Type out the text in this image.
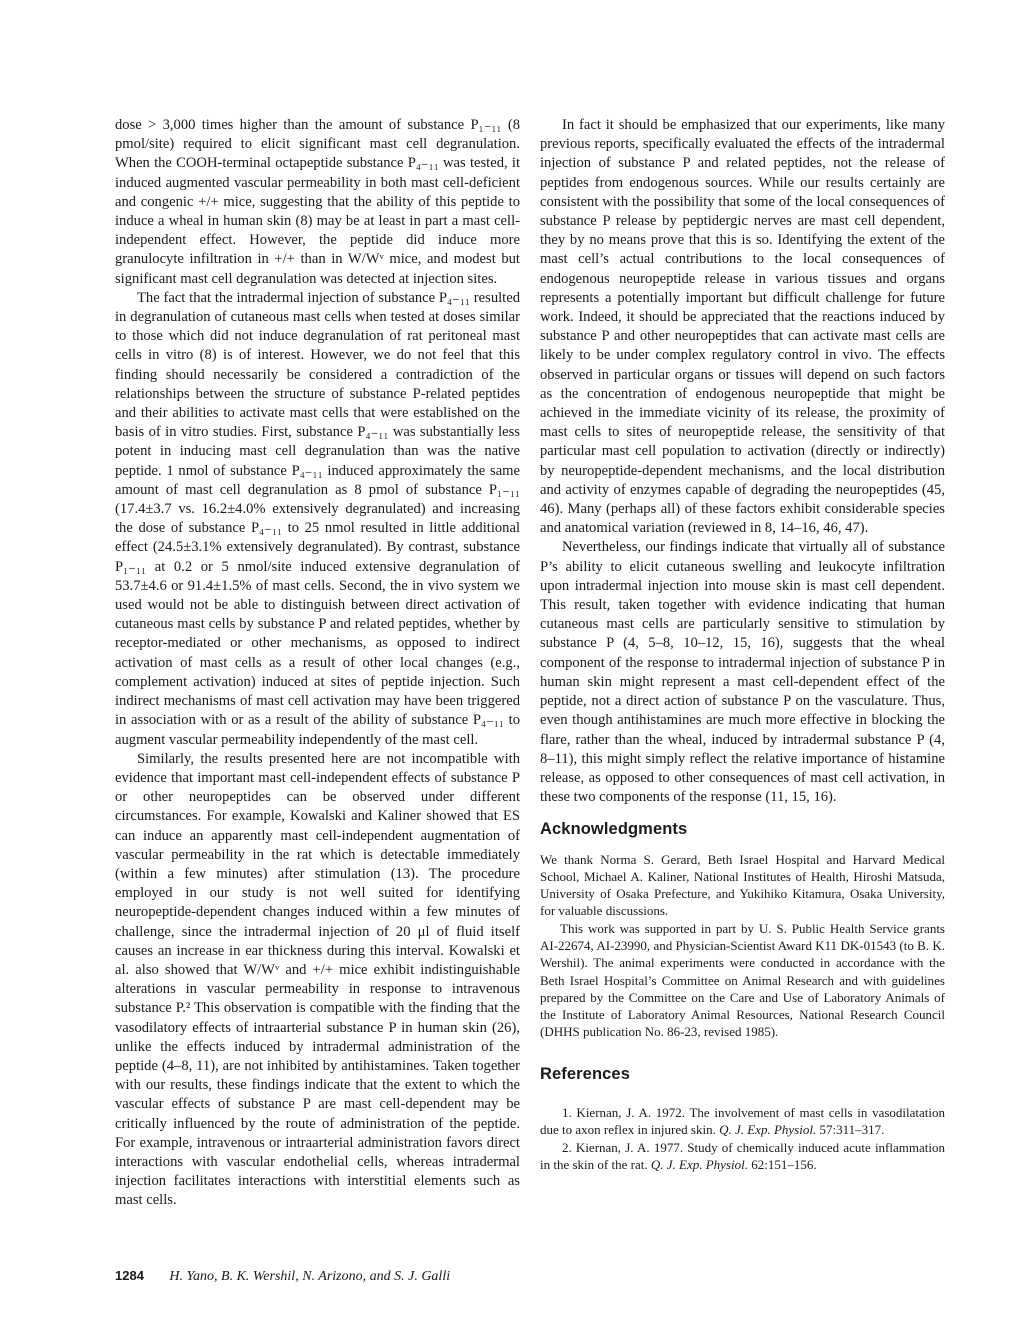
dose > 3,000 times higher than the amount of substance P₁₋₁₁ (8 pmol/site) required to elicit significant mast cell degranulation. When the COOH-terminal octapeptide substance P₄₋₁₁ was tested, it induced augmented vascular permeability in both mast cell-deficient and congenic +/+ mice, suggesting that the ability of this peptide to induce a wheal in human skin (8) may be at least in part a mast cell-independent effect. However, the peptide did induce more granulocyte infiltration in +/+ than in W/Wᵛ mice, and modest but significant mast cell degranulation was detected at injection sites.

The fact that the intradermal injection of substance P₄₋₁₁ resulted in degranulation of cutaneous mast cells when tested at doses similar to those which did not induce degranulation of rat peritoneal mast cells in vitro (8) is of interest. However, we do not feel that this finding should necessarily be considered a contradiction of the relationships between the structure of substance P-related peptides and their abilities to activate mast cells that were established on the basis of in vitro studies. First, substance P₄₋₁₁ was substantially less potent in inducing mast cell degranulation than was the native peptide. 1 nmol of substance P₄₋₁₁ induced approximately the same amount of mast cell degranulation as 8 pmol of substance P₁₋₁₁ (17.4±3.7 vs. 16.2±4.0% extensively degranulated) and increasing the dose of substance P₄₋₁₁ to 25 nmol resulted in little additional effect (24.5±3.1% extensively degranulated). By contrast, substance P₁₋₁₁ at 0.2 or 5 nmol/site induced extensive degranulation of 53.7±4.6 or 91.4±1.5% of mast cells. Second, the in vivo system we used would not be able to distinguish between direct activation of cutaneous mast cells by substance P and related peptides, whether by receptor-mediated or other mechanisms, as opposed to indirect activation of mast cells as a result of other local changes (e.g., complement activation) induced at sites of peptide injection. Such indirect mechanisms of mast cell activation may have been triggered in association with or as a result of the ability of substance P₄₋₁₁ to augment vascular permeability independently of the mast cell.

Similarly, the results presented here are not incompatible with evidence that important mast cell-independent effects of substance P or other neuropeptides can be observed under different circumstances. For example, Kowalski and Kaliner showed that ES can induce an apparently mast cell-independent augmentation of vascular permeability in the rat which is detectable immediately (within a few minutes) after stimulation (13). The procedure employed in our study is not well suited for identifying neuropeptide-dependent changes induced within a few minutes of challenge, since the intradermal injection of 20 μl of fluid itself causes an increase in ear thickness during this interval. Kowalski et al. also showed that W/Wᵛ and +/+ mice exhibit indistinguishable alterations in vascular permeability in response to intravenous substance P.² This observation is compatible with the finding that the vasodilatory effects of intraarterial substance P in human skin (26), unlike the effects induced by intradermal administration of the peptide (4–8, 11), are not inhibited by antihistamines. Taken together with our results, these findings indicate that the extent to which the vascular effects of substance P are mast cell-dependent may be critically influenced by the route of administration of the peptide. For example, intravenous or intraarterial administration favors direct interactions with vascular endothelial cells, whereas intradermal injection facilitates interactions with interstitial elements such as mast cells.

In fact it should be emphasized that our experiments, like many previous reports, specifically evaluated the effects of the intradermal injection of substance P and related peptides, not the release of peptides from endogenous sources. While our results certainly are consistent with the possibility that some of the local consequences of substance P release by peptidergic nerves are mast cell dependent, they by no means prove that this is so. Identifying the extent of the mast cell’s actual contributions to the local consequences of endogenous neuropeptide release in various tissues and organs represents a potentially important but difficult challenge for future work. Indeed, it should be appreciated that the reactions induced by substance P and other neuropeptides that can activate mast cells are likely to be under complex regulatory control in vivo. The effects observed in particular organs or tissues will depend on such factors as the concentration of endogenous neuropeptide that might be achieved in the immediate vicinity of its release, the proximity of mast cells to sites of neuropeptide release, the sensitivity of that particular mast cell population to activation (directly or indirectly) by neuropeptide-dependent mechanisms, and the local distribution and activity of enzymes capable of degrading the neuropeptides (45, 46). Many (perhaps all) of these factors exhibit considerable species and anatomical variation (reviewed in 8, 14–16, 46, 47).

Nevertheless, our findings indicate that virtually all of substance P’s ability to elicit cutaneous swelling and leukocyte infiltration upon intradermal injection into mouse skin is mast cell dependent. This result, taken together with evidence indicating that human cutaneous mast cells are particularly sensitive to stimulation by substance P (4, 5–8, 10–12, 15, 16), suggests that the wheal component of the response to intradermal injection of substance P in human skin might represent a mast cell-dependent effect of the peptide, not a direct action of substance P on the vasculature. Thus, even though antihistamines are much more effective in blocking the flare, rather than the wheal, induced by intradermal substance P (4, 8–11), this might simply reflect the relative importance of histamine release, as opposed to other consequences of mast cell activation, in these two components of the response (11, 15, 16).

Acknowledgments

We thank Norma S. Gerard, Beth Israel Hospital and Harvard Medical School, Michael A. Kaliner, National Institutes of Health, Hiroshi Matsuda, University of Osaka Prefecture, and Yukihiko Kitamura, Osaka University, for valuable discussions.

This work was supported in part by U. S. Public Health Service grants AI-22674, AI-23990, and Physician-Scientist Award K11 DK-01543 (to B. K. Wershil). The animal experiments were conducted in accordance with the Beth Israel Hospital’s Committee on Animal Research and with guidelines prepared by the Committee on the Care and Use of Laboratory Animals of the Institute of Laboratory Animal Resources, National Research Council (DHHS publication No. 86-23, revised 1985).

References

1. Kiernan, J. A. 1972. The involvement of mast cells in vasodilatation due to axon reflex in injured skin. Q. J. Exp. Physiol. 57:311–317.

2. Kiernan, J. A. 1977. Study of chemically induced acute inflammation in the skin of the rat. Q. J. Exp. Physiol. 62:151–156.

1284 H. Yano, B. K. Wershil, N. Arizono, and S. J. Galli
